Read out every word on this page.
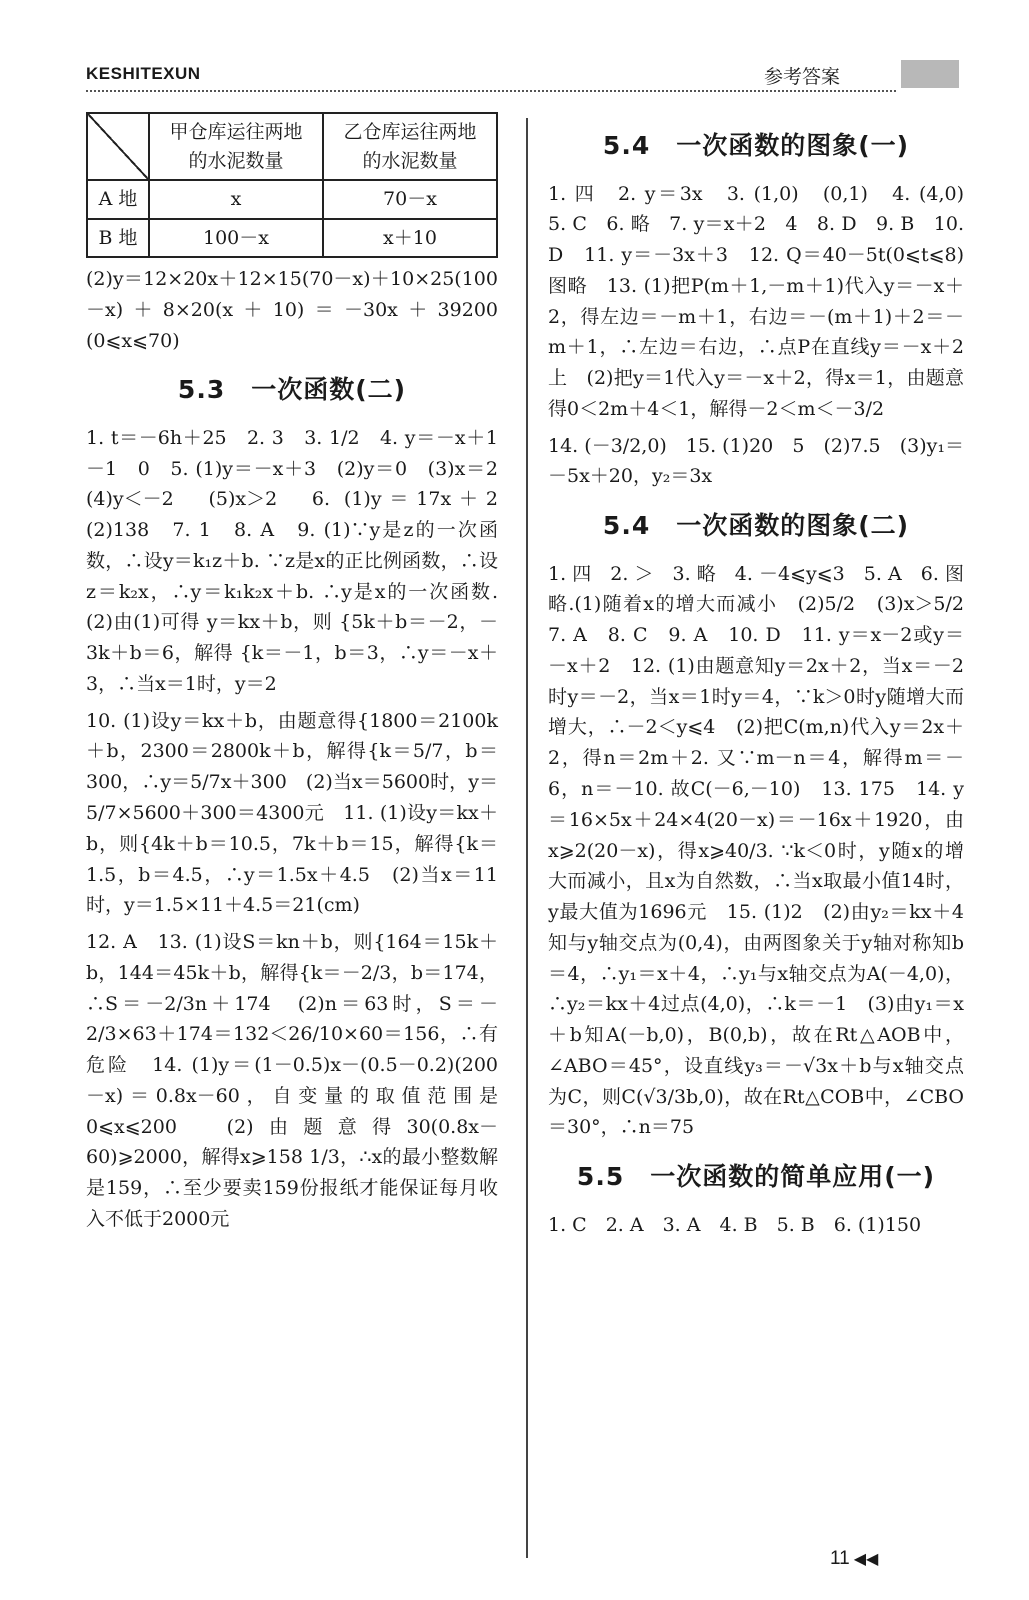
KESHITEXUN	参考答案

	甲仓库运往两地
的水泥数量	乙仓库运往两地
的水泥数量

A 地	x	70－x
B 地	100－x	x＋10

(2)y＝12×20x＋12×15(70－x)＋10×25(100－x)＋8×20(x＋10)＝－30x＋39200 (0⩽x⩽70)

5.3　一次函数(二)

1. t＝－6h＋25　2. 3　3. 1/2　4. y＝－x＋1　－1　0　5. (1)y＝－x＋3　(2)y＝0　(3)x＝2　(4)y＜－2　(5)x＞2　6. (1)y＝17x＋2　(2)138　7. 1　8. A　9. (1)∵y是z的一次函数，∴设y＝k₁z＋b. ∵z是x的正比例函数，∴设z＝k₂x，∴y＝k₁k₂x＋b. ∴y是x的一次函数.　(2)由(1)可得 y＝kx＋b，则 {5k＋b＝－2，－3k＋b＝6，解得 {k＝－1，b＝3，∴y＝－x＋3，∴当x＝1时，y＝2

10. (1)设y＝kx＋b，由题意得{1800＝2100k＋b，2300＝2800k＋b，解得{k＝5/7，b＝300，∴y＝5/7x＋300　(2)当x＝5600时，y＝5/7×5600＋300＝4300元　11. (1)设y＝kx＋b，则{4k＋b＝10.5，7k＋b＝15，解得{k＝1.5，b＝4.5，∴y＝1.5x＋4.5　(2)当x＝11时，y＝1.5×11＋4.5＝21(cm)

12. A　13. (1)设S＝kn＋b，则{164＝15k＋b，144＝45k＋b，解得{k＝－2/3，b＝174，∴S＝－2/3n＋174　(2)n＝63时，S＝－2/3×63＋174＝132＜26/10×60＝156，∴有危险　14. (1)y＝(1－0.5)x－(0.5－0.2)(200－x)＝0.8x－60，自变量的取值范围是0⩽x⩽200　(2)由题意得30(0.8x－60)⩾2000，解得x⩾158 1/3，∴x的最小整数解是159，∴至少要卖159份报纸才能保证每月收入不低于2000元

5.4　一次函数的图象(一)

1. 四　2. y＝3x　3. (1,0)　(0,1)　4. (4,0)　5. C　6. 略　7. y＝x＋2　4　8. D　9. B　10. D　11. y＝－3x＋3　12. Q＝40－5t(0⩽t⩽8)　图略　13. (1)把P(m＋1,－m＋1)代入y＝－x＋2，得左边＝－m＋1，右边＝－(m＋1)＋2＝－m＋1，∴左边＝右边，∴点P在直线y＝－x＋2上　(2)把y＝1代入y＝－x＋2，得x＝1，由题意得0＜2m＋4＜1，解得－2＜m＜－3/2

14. (－3/2,0)　15. (1)20　5　(2)7.5　(3)y₁＝－5x＋20，y₂＝3x

5.4　一次函数的图象(二)

1. 四　2. ＞　3. 略　4. －4⩽y⩽3　5. A　6. 图略.(1)随着x的增大而减小　(2)5/2　(3)x＞5/2　7. A　8. C　9. A　10. D　11. y＝x－2或y＝－x＋2　12. (1)由题意知y＝2x＋2，当x＝－2时y＝－2，当x＝1时y＝4，∵k＞0时y随增大而增大，∴－2＜y⩽4　(2)把C(m,n)代入y＝2x＋2，得n＝2m＋2. 又∵m－n＝4，解得m＝－6，n＝－10. 故C(－6,－10)　13. 175　14. y＝16×5x＋24×4(20－x)＝－16x＋1920，由x⩾2(20－x)，得x⩾40/3. ∵k＜0时，y随x的增大而减小，且x为自然数，∴当x取最小值14时，y最大值为1696元　15. (1)2　(2)由y₂＝kx＋4知与y轴交点为(0,4)，由两图象关于y轴对称知b＝4，∴y₁＝x＋4，∴y₁与x轴交点为A(－4,0)，∴y₂＝kx＋4过点(4,0)，∴k＝－1　(3)由y₁＝x＋b知A(－b,0)，B(0,b)，故在Rt△AOB中，∠ABO＝45°，设直线y₃＝－√3x＋b与x轴交点为C，则C(√3/3b,0)，故在Rt△COB中，∠CBO＝30°，∴n＝75

5.5　一次函数的简单应用(一)

1. C　2. A　3. A　4. B　5. B　6. (1)150

11 ◀◀
